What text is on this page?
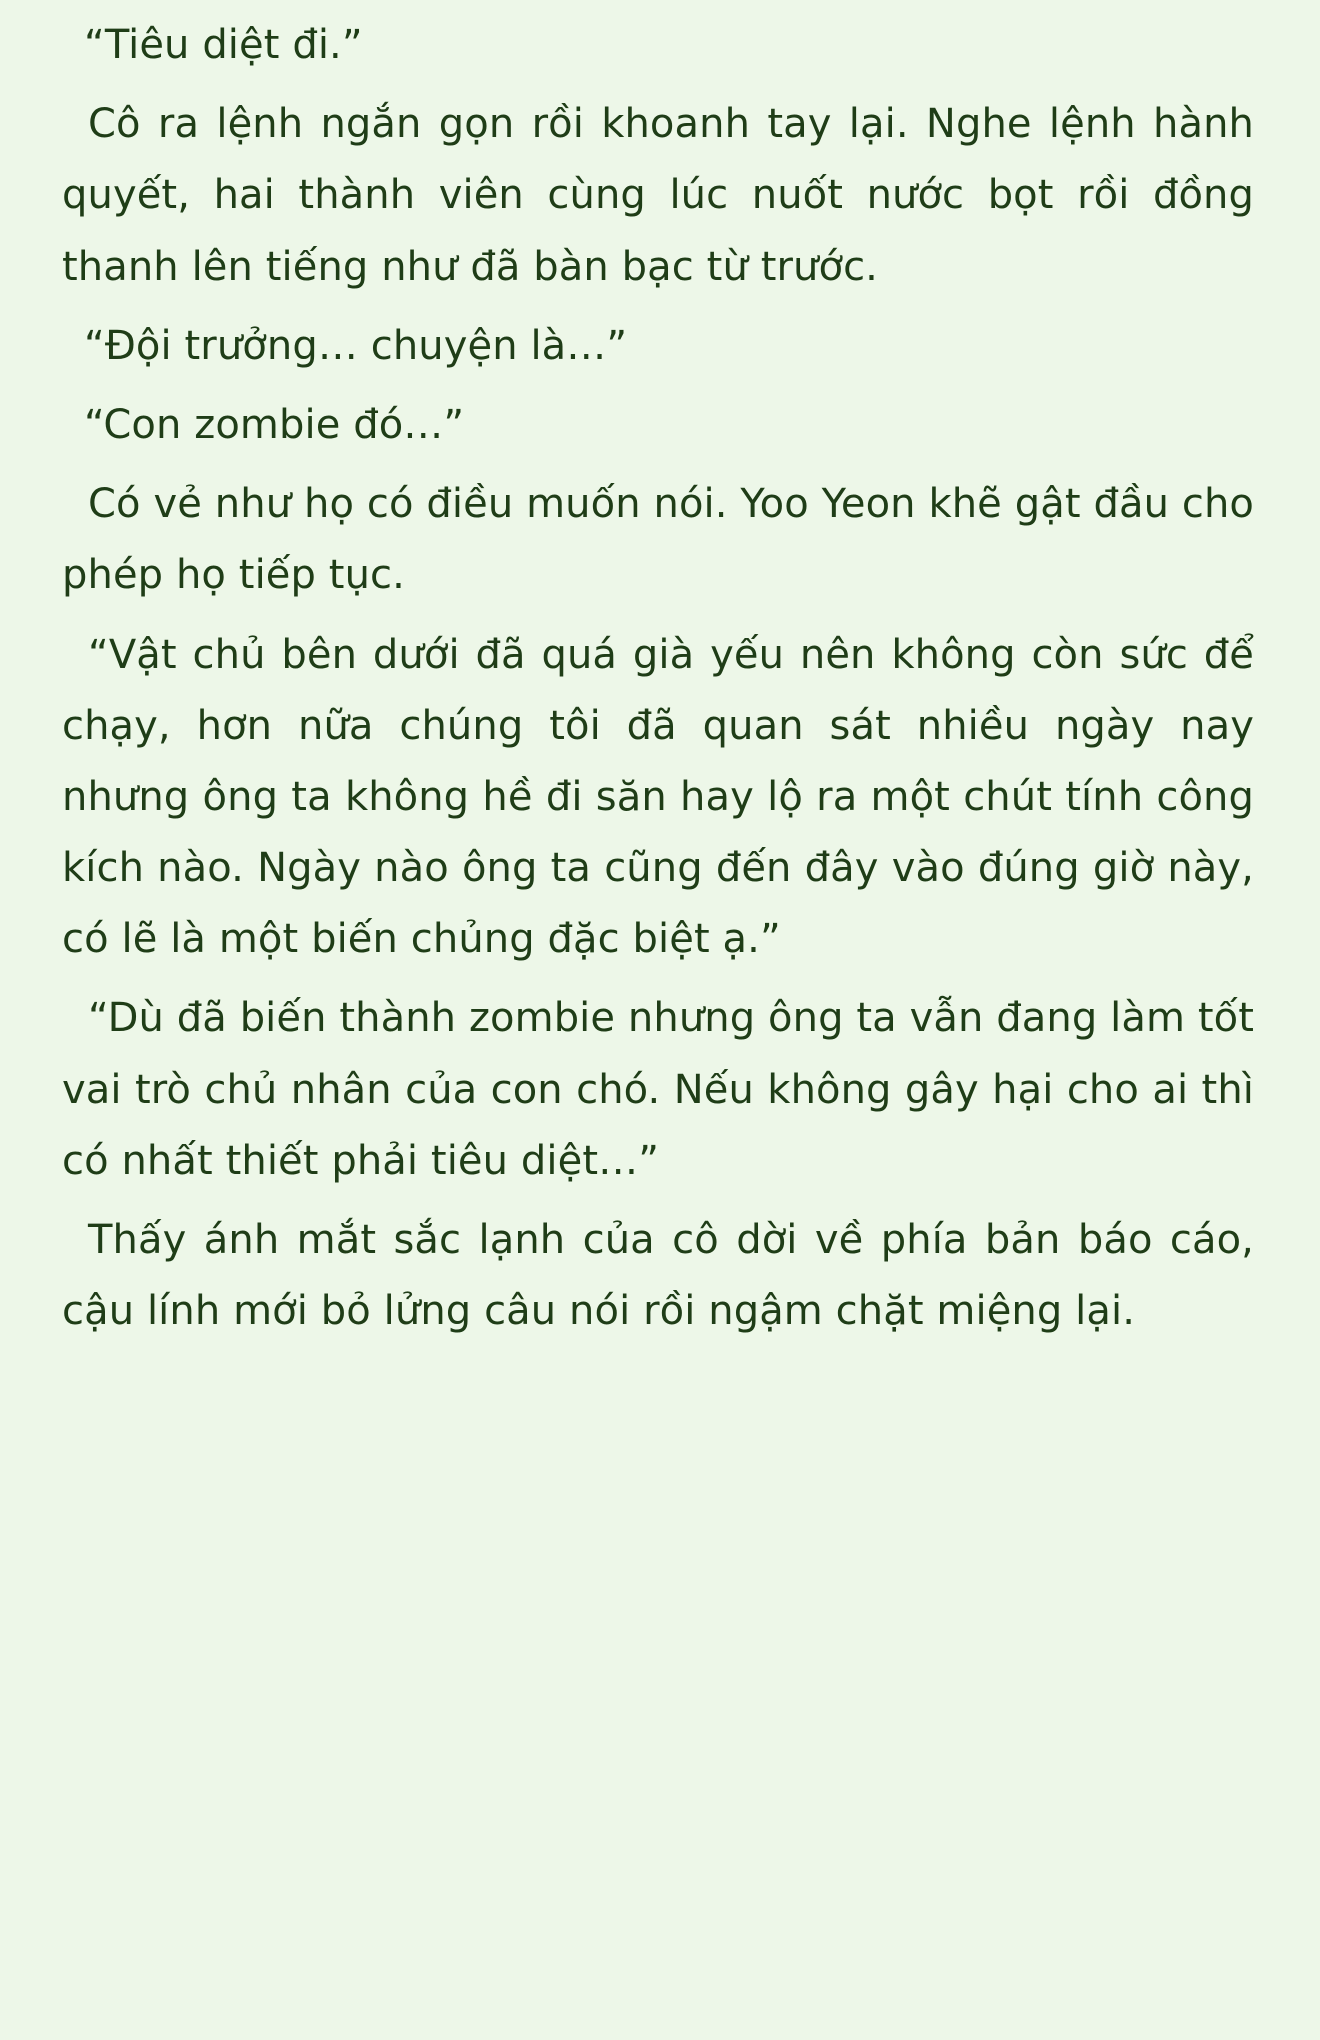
“Tiêu diệt đi.”

Cô ra lệnh ngắn gọn rồi khoanh tay lại. Nghe lệnh hành quyết, hai thành viên cùng lúc nuốt nước bọt rồi đồng thanh lên tiếng như đã bàn bạc từ trước.

“Đội trưởng… chuyện là…”

“Con zombie đó…”

Có vẻ như họ có điều muốn nói. Yoo Yeon khẽ gật đầu cho phép họ tiếp tục.

“Vật chủ bên dưới đã quá già yếu nên không còn sức để chạy, hơn nữa chúng tôi đã quan sát nhiều ngày nay nhưng ông ta không hề đi săn hay lộ ra một chút tính công kích nào. Ngày nào ông ta cũng đến đây vào đúng giờ này, có lẽ là một biến chủng đặc biệt ạ.”

“Dù đã biến thành zombie nhưng ông ta vẫn đang làm tốt vai trò chủ nhân của con chó. Nếu không gây hại cho ai thì có nhất thiết phải tiêu diệt…”

Thấy ánh mắt sắc lạnh của cô dời về phía bản báo cáo, cậu lính mới bỏ lửng câu nói rồi ngậm chặt miệng lại.
